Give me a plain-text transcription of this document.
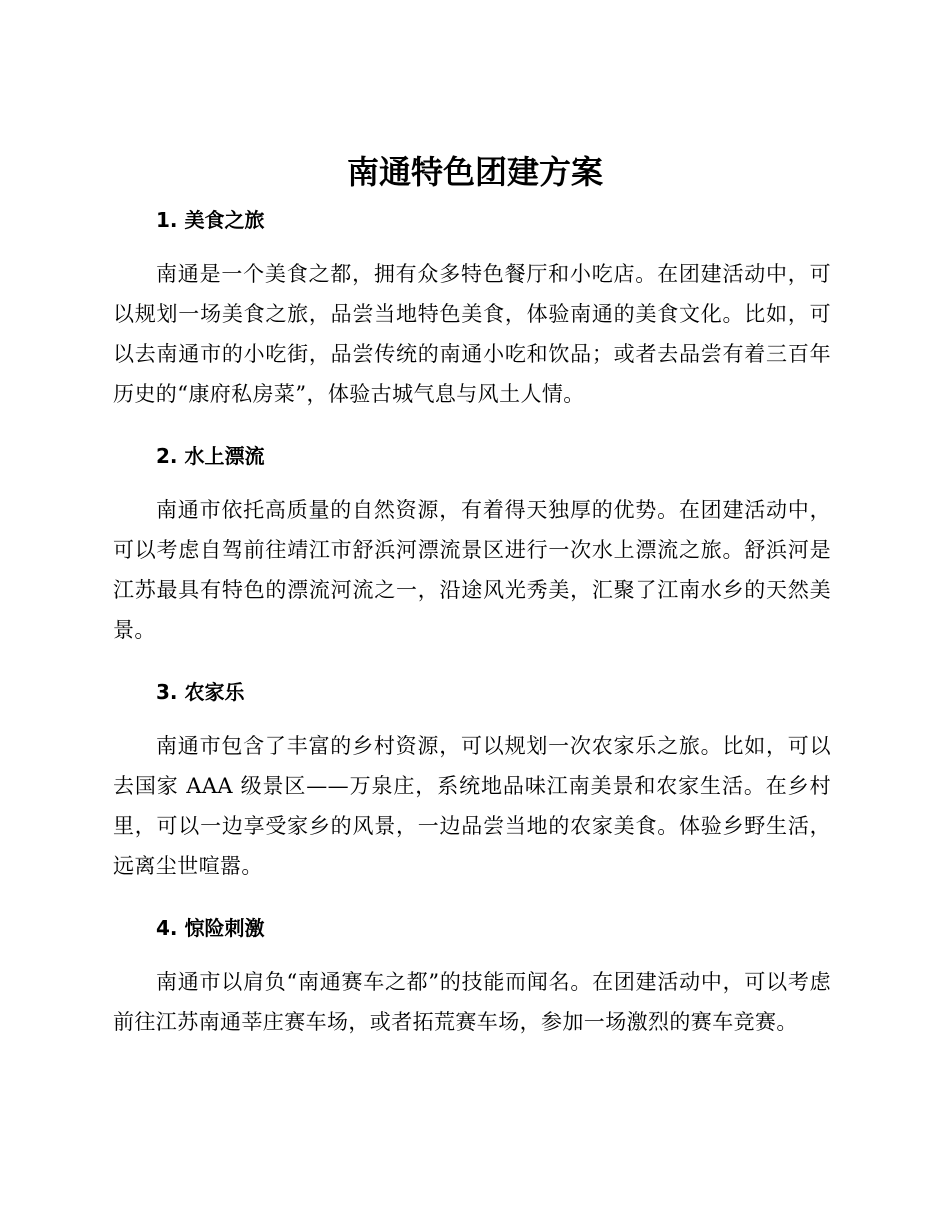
南通特色团建方案
1. 美食之旅

南通是一个美食之都，拥有众多特色餐厅和小吃店。在团建活动中，可以规划一场美食之旅，品尝当地特色美食，体验南通的美食文化。比如，可以去南通市的小吃街，品尝传统的南通小吃和饮品；或者去品尝有着三百年历史的“康府私房菜”，体验古城气息与风土人情。

2. 水上漂流

南通市依托高质量的自然资源，有着得天独厚的优势。在团建活动中，可以考虑自驾前往靖江市舒浜河漂流景区进行一次水上漂流之旅。舒浜河是江苏最具有特色的漂流河流之一，沿途风光秀美，汇聚了江南水乡的天然美景。

3. 农家乐

南通市包含了丰富的乡村资源，可以规划一次农家乐之旅。比如，可以去国家 AAA 级景区——万泉庄，系统地品味江南美景和农家生活。在乡村里，可以一边享受家乡的风景，一边品尝当地的农家美食。体验乡野生活，远离尘世喧嚣。

4. 惊险刺激

南通市以肩负“南通赛车之都”的技能而闻名。在团建活动中，可以考虑前往江苏南通莘庄赛车场，或者拓荒赛车场，参加一场激烈的赛车竞赛。
